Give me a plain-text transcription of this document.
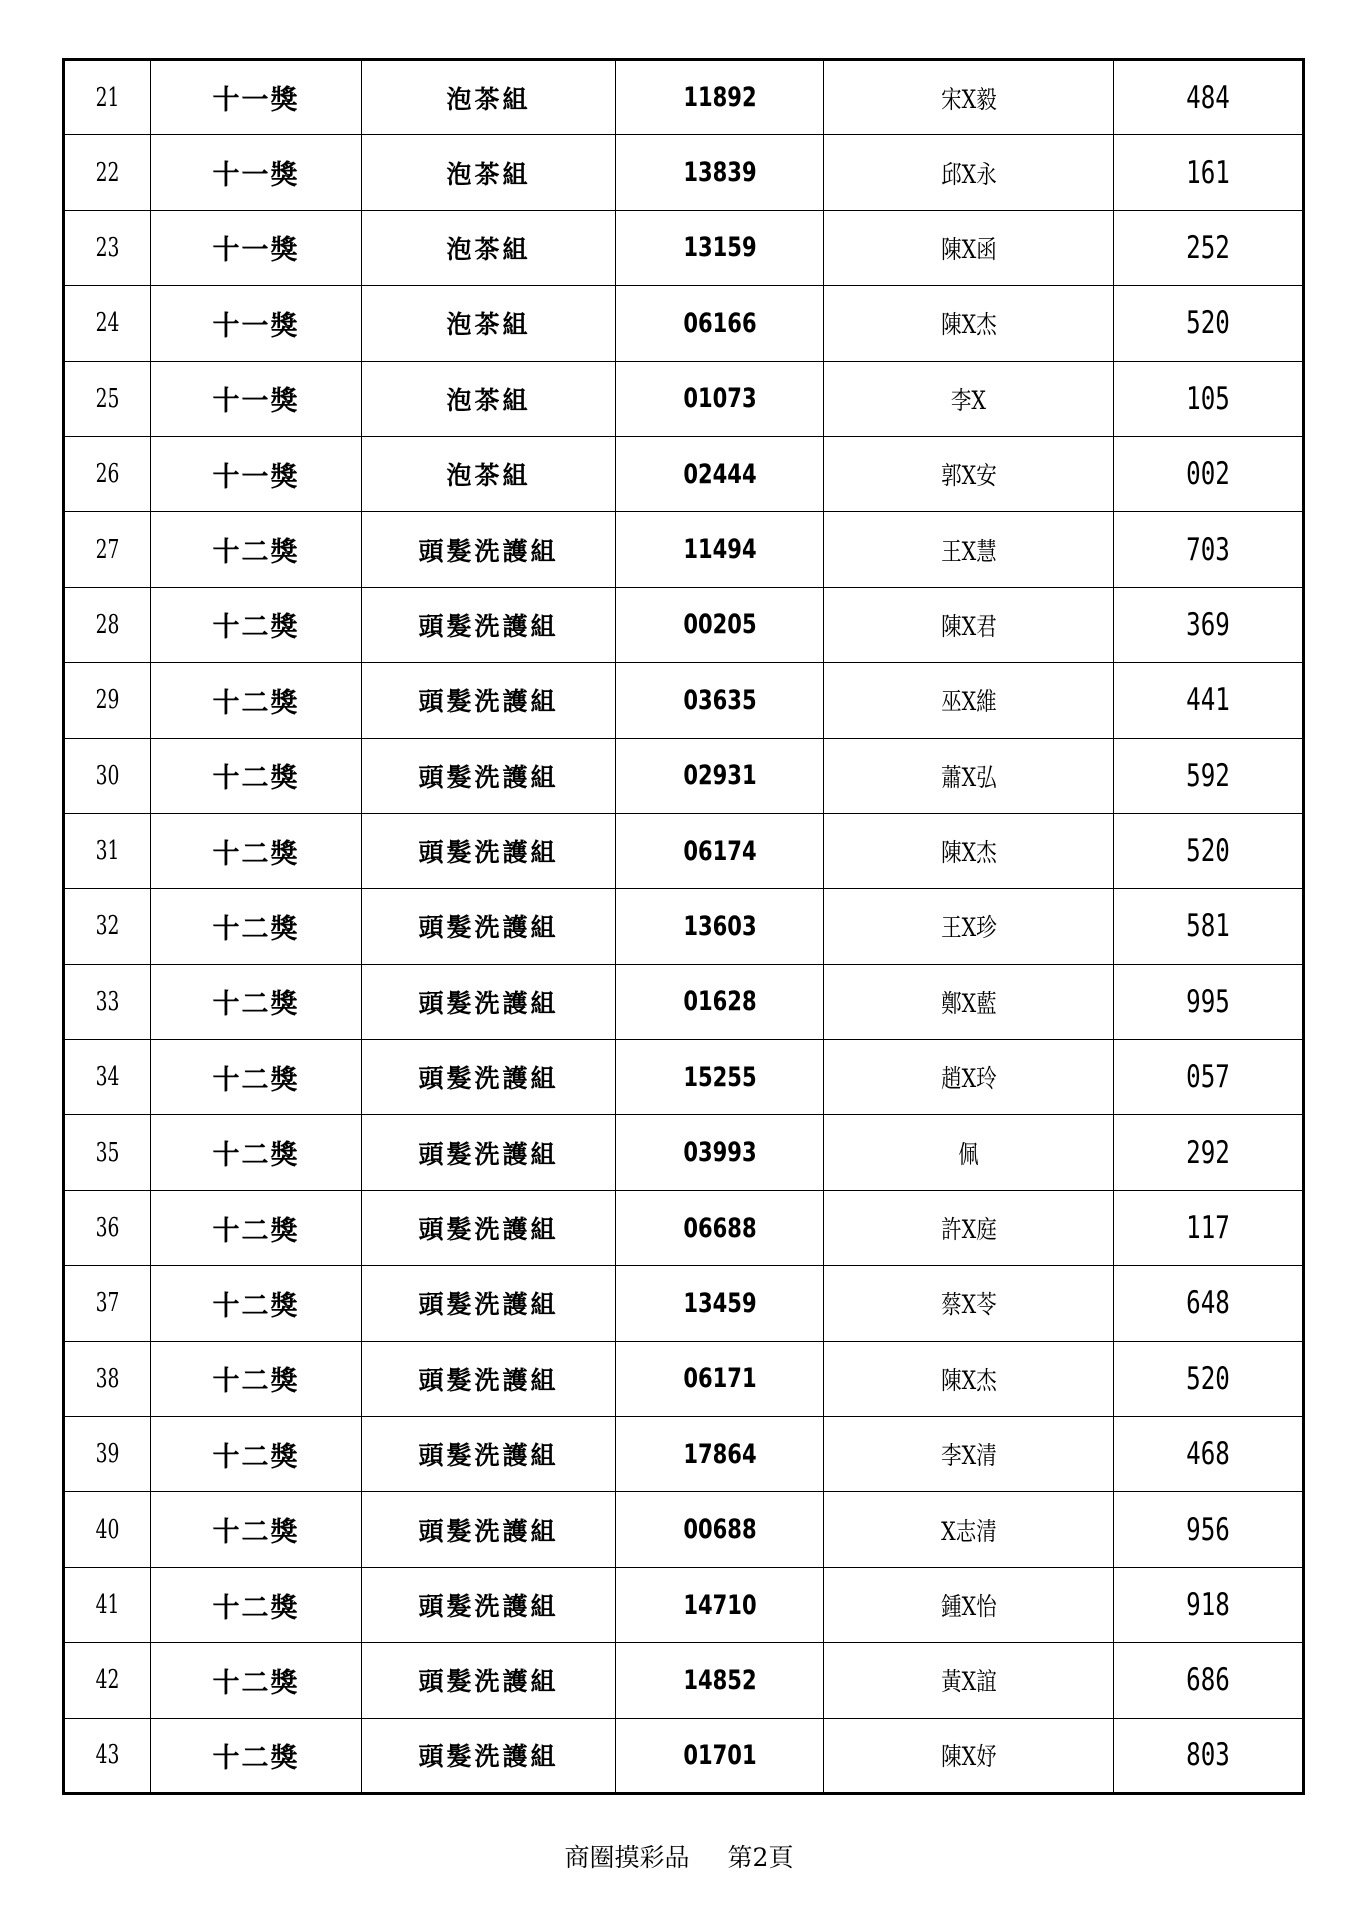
21	十一獎	泡茶組	11892	宋X毅	484
22	十一獎	泡茶組	13839	邱X永	161
23	十一獎	泡茶組	13159	陳X函	252
24	十一獎	泡茶組	06166	陳X杰	520
25	十一獎	泡茶組	01073	李X	105
26	十一獎	泡茶組	02444	郭X安	002
27	十二獎	頭髮洗護組	11494	王X慧	703
28	十二獎	頭髮洗護組	00205	陳X君	369
29	十二獎	頭髮洗護組	03635	巫X維	441
30	十二獎	頭髮洗護組	02931	蕭X弘	592
31	十二獎	頭髮洗護組	06174	陳X杰	520
32	十二獎	頭髮洗護組	13603	王X珍	581
33	十二獎	頭髮洗護組	01628	鄭X藍	995
34	十二獎	頭髮洗護組	15255	趙X玲	057
35	十二獎	頭髮洗護組	03993	佩	292
36	十二獎	頭髮洗護組	06688	許X庭	117
37	十二獎	頭髮洗護組	13459	蔡X苓	648
38	十二獎	頭髮洗護組	06171	陳X杰	520
39	十二獎	頭髮洗護組	17864	李X清	468
40	十二獎	頭髮洗護組	00688	X志清	956
41	十二獎	頭髮洗護組	14710	鍾X怡	918
42	十二獎	頭髮洗護組	14852	黃X誼	686
43	十二獎	頭髮洗護組	01701	陳X妤	803
商圈摸彩品 第2頁
